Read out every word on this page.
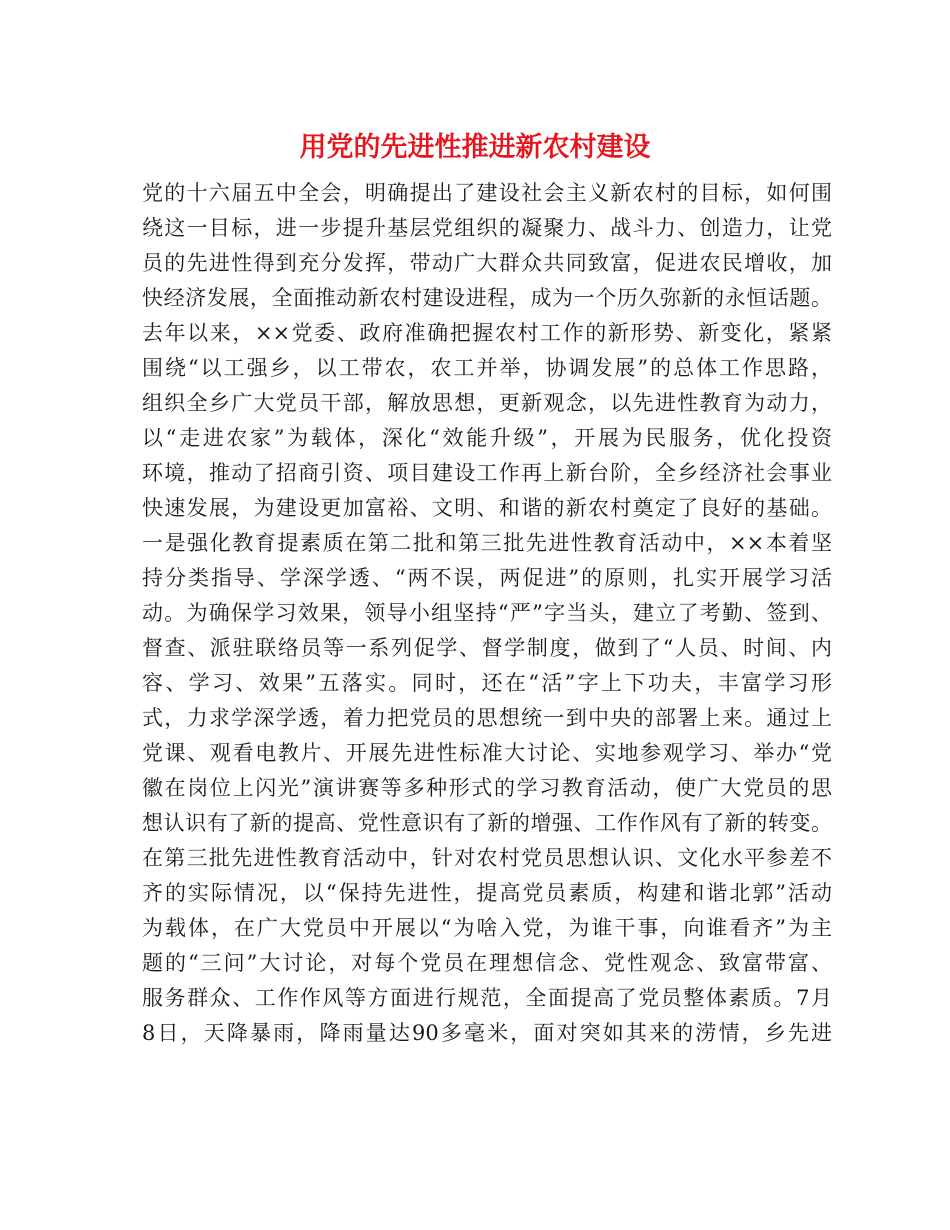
用党的先进性推进新农村建设
党的十六届五中全会，明确提出了建设社会主义新农村的目标，如何围
绕这一目标，进一步提升基层党组织的凝聚力、战斗力、创造力，让党
员的先进性得到充分发挥，带动广大群众共同致富，促进农民增收，加
快经济发展，全面推动新农村建设进程，成为一个历久弥新的永恒话题。
去年以来，××党委、政府准确把握农村工作的新形势、新变化，紧紧
围绕“以工强乡，以工带农，农工并举，协调发展”的总体工作思路，
组织全乡广大党员干部，解放思想，更新观念，以先进性教育为动力，
以“走进农家”为载体，深化“效能升级”，开展为民服务，优化投资
环境，推动了招商引资、项目建设工作再上新台阶，全乡经济社会事业
快速发展，为建设更加富裕、文明、和谐的新农村奠定了良好的基础。
一是强化教育提素质在第二批和第三批先进性教育活动中，××本着坚
持分类指导、学深学透、“两不误，两促进”的原则，扎实开展学习活
动。为确保学习效果，领导小组坚持“严”字当头，建立了考勤、签到、
督查、派驻联络员等一系列促学、督学制度，做到了“人员、时间、内
容、学习、效果”五落实。同时，还在“活”字上下功夫，丰富学习形
式，力求学深学透，着力把党员的思想统一到中央的部署上来。通过上
党课、观看电教片、开展先进性标准大讨论、实地参观学习、举办“党
徽在岗位上闪光”演讲赛等多种形式的学习教育活动，使广大党员的思
想认识有了新的提高、党性意识有了新的增强、工作作风有了新的转变。
在第三批先进性教育活动中，针对农村党员思想认识、文化水平参差不
齐的实际情况，以“保持先进性，提高党员素质，构建和谐北郭”活动
为载体，在广大党员中开展以“为啥入党，为谁干事，向谁看齐”为主
题的“三问”大讨论，对每个党员在理想信念、党性观念、致富带富、
服务群众、工作作风等方面进行规范，全面提高了党员整体素质。7月
8日，天降暴雨，降雨量达90多毫米，面对突如其来的涝情，乡先进
